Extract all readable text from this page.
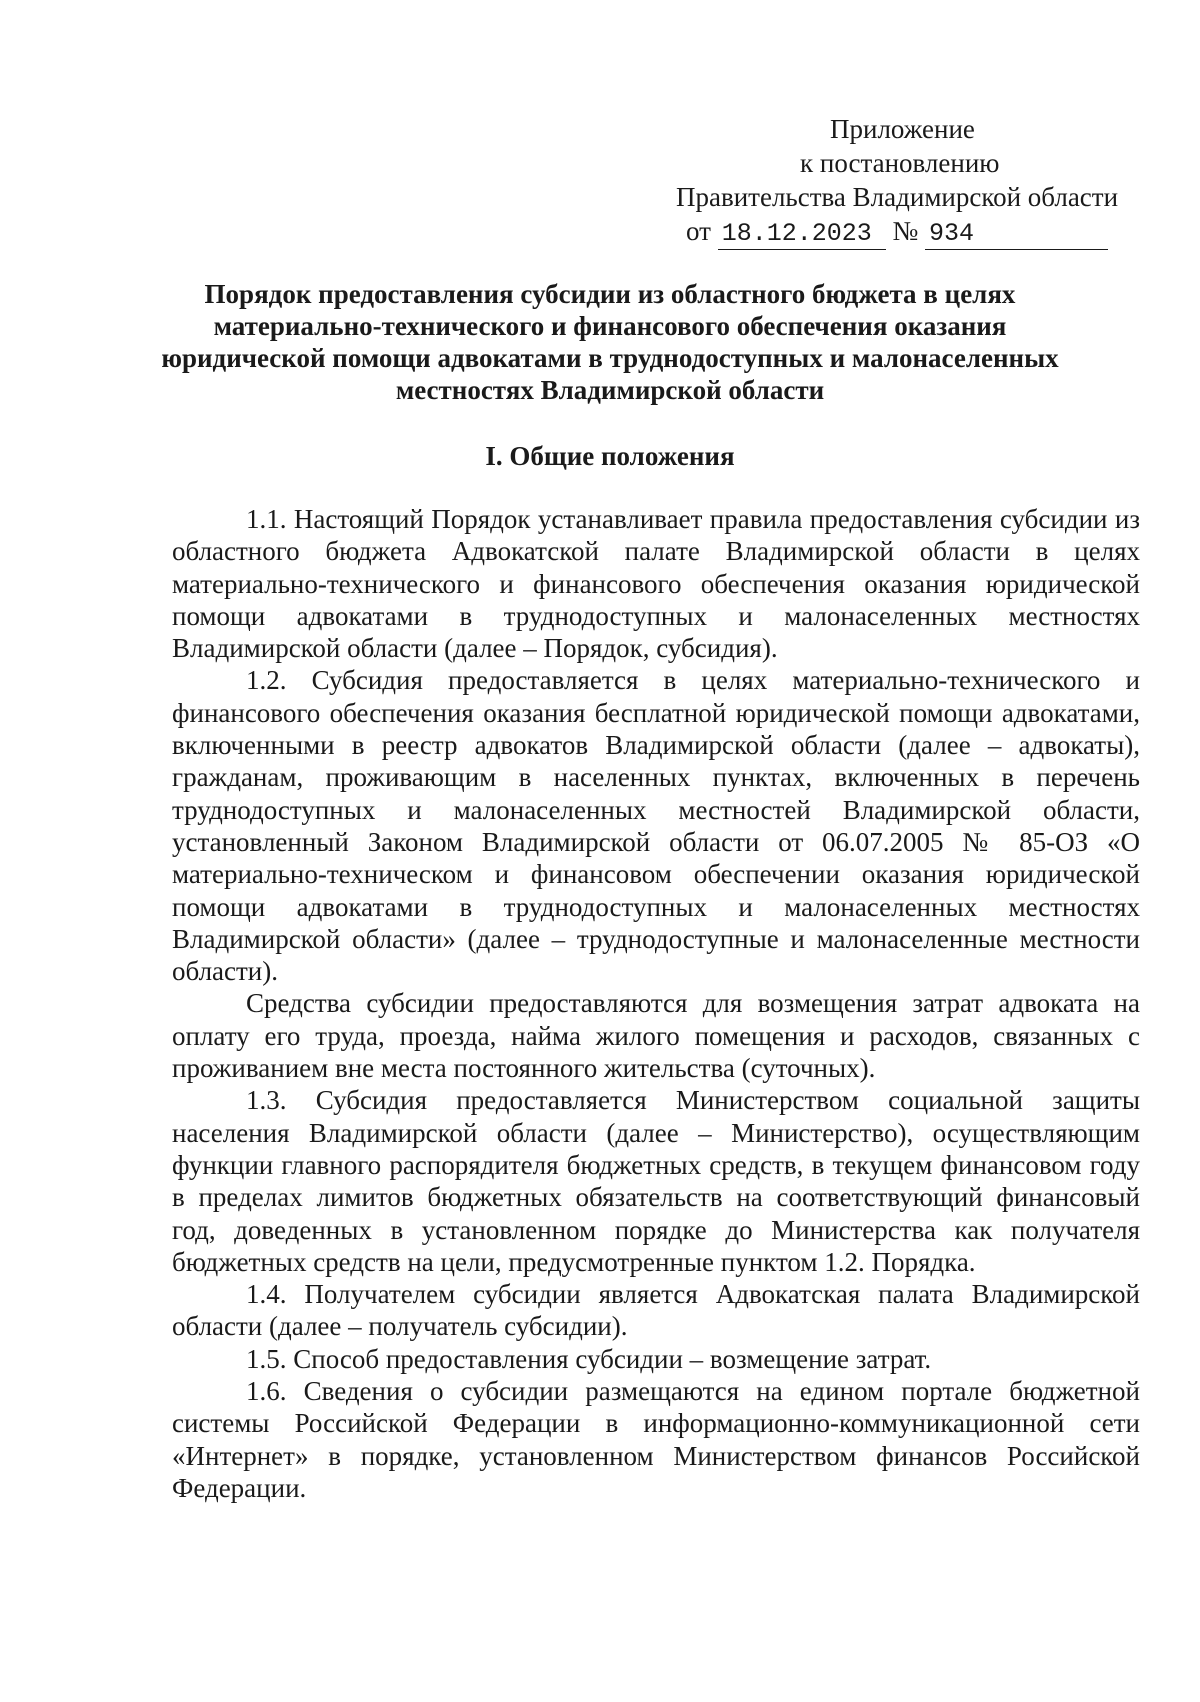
Приложение
к постановлению
Правительства Владимирской области
от 18.12.2023 № 934
Порядок предоставления субсидии из областного бюджета в целях
материально-технического и финансового обеспечения оказания
юридической помощи адвокатами в труднодоступных и малонаселенных
местностях Владимирской области
I. Общие положения

1.1. Настоящий Порядок устанавливает правила предоставления субсидии из областного бюджета Адвокатской палате Владимирской области в целях материально-технического и финансового обеспечения оказания юридической помощи адвокатами в труднодоступных и малонаселенных местностях Владимирской области (далее – Порядок, субсидия).

1.2. Субсидия предоставляется в целях материально-технического и финансового обеспечения оказания бесплатной юридической помощи адвокатами, включенными в реестр адвокатов Владимирской области (далее – адвокаты), гражданам, проживающим в населенных пунктах, включенных в перечень труднодоступных и малонаселенных местностей Владимирской области, установленный Законом Владимирской области от 06.07.2005 № 85-ОЗ «О материально-техническом и финансовом обеспечении оказания юридической помощи адвокатами в труднодоступных и малонаселенных местностях Владимирской области» (далее – труднодоступные и малонаселенные местности области).

Средства субсидии предоставляются для возмещения затрат адвоката на оплату его труда, проезда, найма жилого помещения и расходов, связанных с проживанием вне места постоянного жительства (суточных).

1.3. Субсидия предоставляется Министерством социальной защиты населения Владимирской области (далее – Министерство), осуществляющим функции главного распорядителя бюджетных средств, в текущем финансовом году в пределах лимитов бюджетных обязательств на соответствующий финансовый год, доведенных в установленном порядке до Министерства как получателя бюджетных средств на цели, предусмотренные пунктом 1.2. Порядка.

1.4. Получателем субсидии является Адвокатская палата Владимирской области (далее – получатель субсидии).

1.5. Способ предоставления субсидии – возмещение затрат.

1.6. Сведения о субсидии размещаются на едином портале бюджетной системы Российской Федерации в информационно-коммуникационной сети «Интернет» в порядке, установленном Министерством финансов Российской Федерации.
